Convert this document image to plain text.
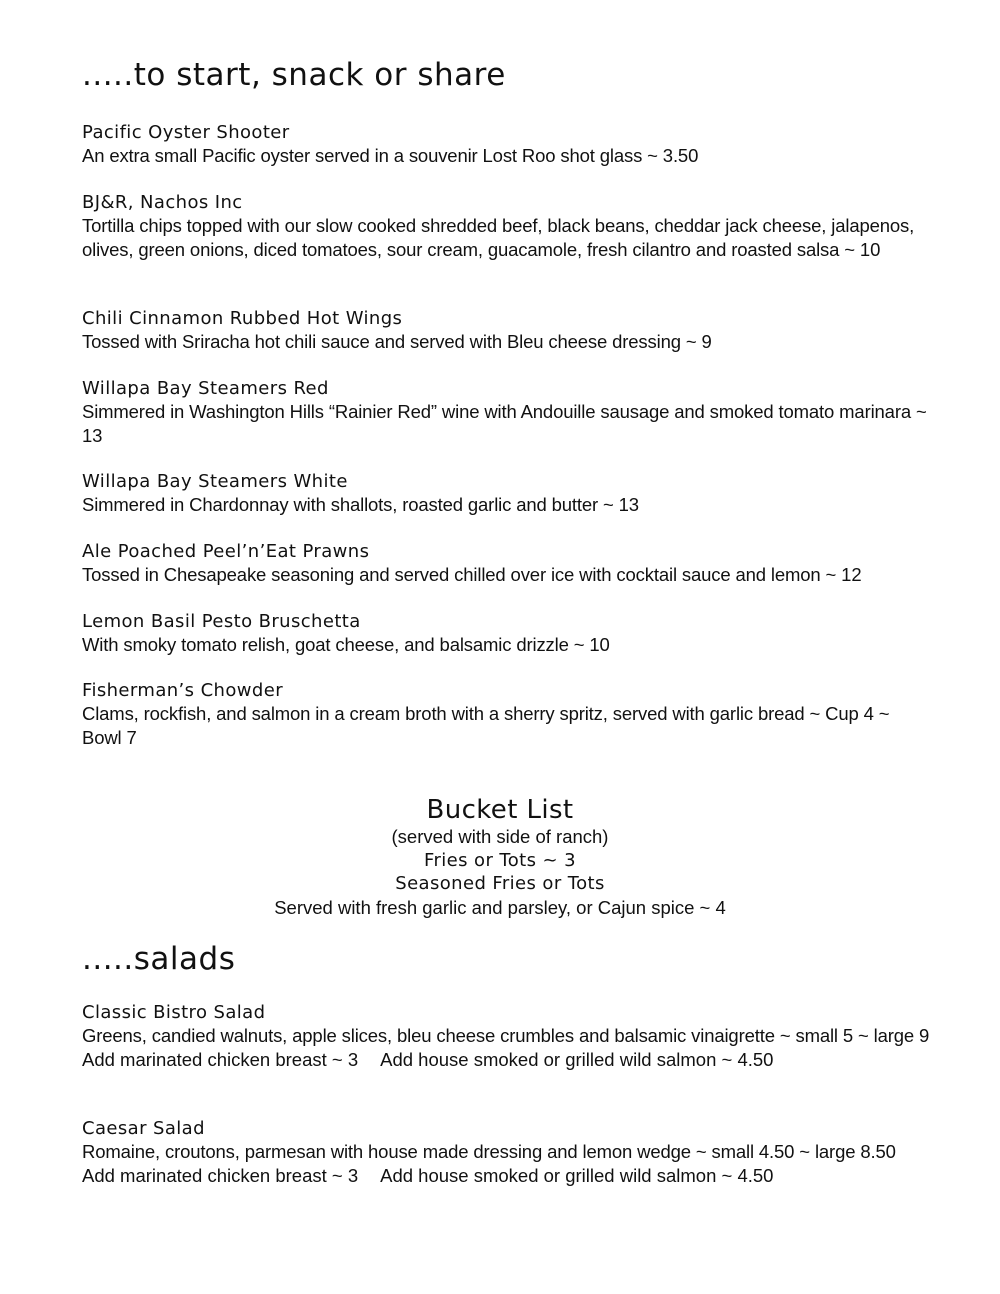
.....to start, snack or share
Pacific Oyster Shooter
An extra small Pacific oyster served in a souvenir Lost Roo shot glass ~ 3.50
BJ&R, Nachos Inc
Tortilla chips topped with our slow cooked shredded beef, black beans, cheddar jack cheese, jalapenos, olives, green onions, diced tomatoes, sour cream, guacamole, fresh cilantro and roasted salsa ~ 10
Chili Cinnamon Rubbed Hot Wings
Tossed with Sriracha hot chili sauce and served with Bleu cheese dressing ~ 9
Willapa Bay Steamers Red
Simmered in Washington Hills “Rainier Red” wine with Andouille sausage and smoked tomato marinara ~ 13
Willapa Bay Steamers White
Simmered in Chardonnay with shallots, roasted garlic and butter ~ 13
Ale Poached Peel’n’Eat Prawns
Tossed in Chesapeake seasoning and served chilled over ice with cocktail sauce and lemon ~ 12
Lemon Basil Pesto Bruschetta
With smoky tomato relish, goat cheese, and balsamic drizzle ~ 10
Fisherman’s Chowder
Clams, rockfish, and salmon in a cream broth with a sherry spritz, served with garlic bread ~ Cup 4 ~ Bowl 7
Bucket List
(served with side of ranch)
Fries or Tots ~ 3
Seasoned Fries or Tots
Served with fresh garlic and parsley, or Cajun spice ~ 4
.....salads
Classic Bistro Salad
Greens, candied walnuts, apple slices, bleu cheese crumbles and balsamic vinaigrette ~ small 5 ~ large 9
Add marinated chicken breast ~ 3 Add house smoked or grilled wild salmon ~ 4.50
Caesar Salad
Romaine, croutons, parmesan with house made dressing and lemon wedge ~ small 4.50 ~ large 8.50
Add marinated chicken breast ~ 3 Add house smoked or grilled wild salmon ~ 4.50
